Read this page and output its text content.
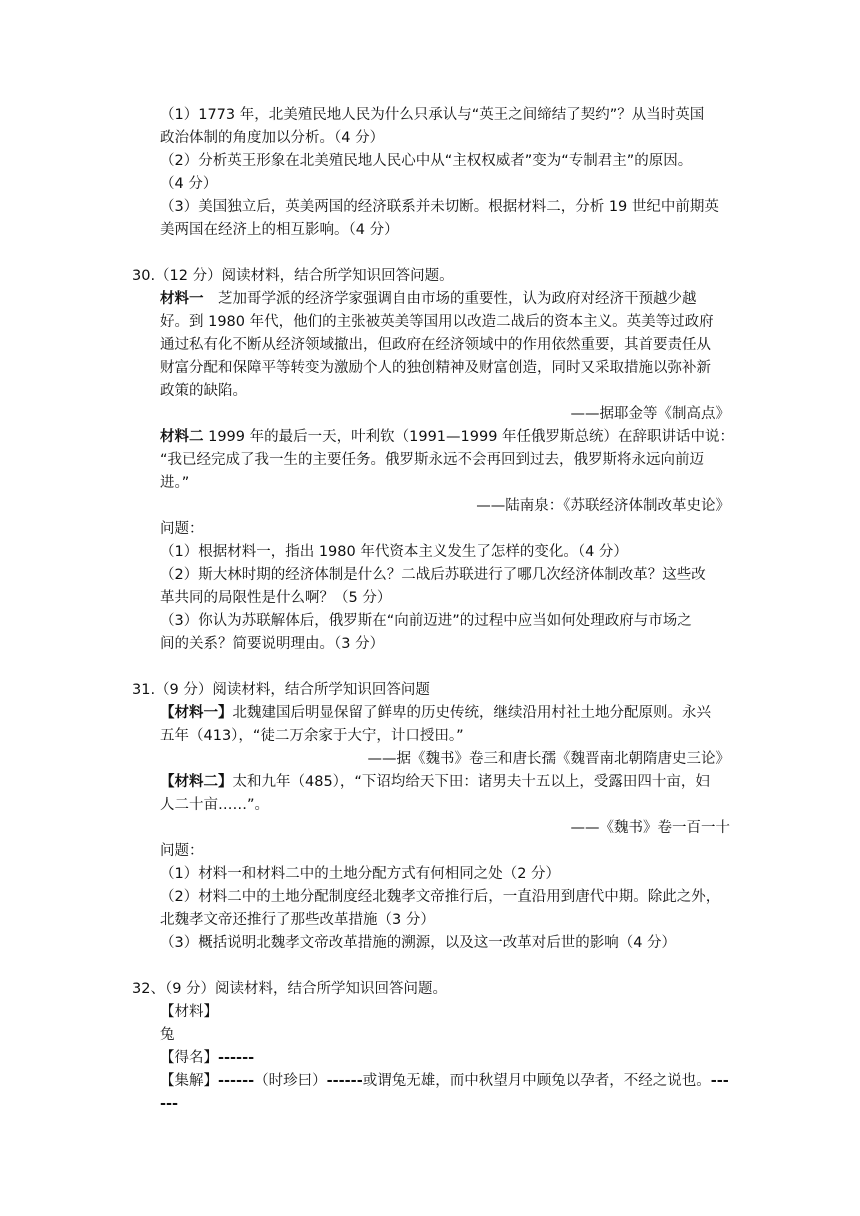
（1）1773 年，北美殖民地人民为什么只承认与“英王之间缔结了契约”？从当时英国
政治体制的角度加以分析。（4 分）
（2）分析英王形象在北美殖民地人民心中从“主权权威者”变为“专制君主”的原因。
（4 分）
（3）美国独立后，英美两国的经济联系并未切断。根据材料二，分析 19 世纪中前期英
美两国在经济上的相互影响。（4 分）
30.（12 分）阅读材料，结合所学知识回答问题。
材料一　芝加哥学派的经济学家强调自由市场的重要性，认为政府对经济干预越少越
好。到 1980 年代，他们的主张被英美等国用以改造二战后的资本主义。英美等过政府
通过私有化不断从经济领域撤出，但政府在经济领域中的作用依然重要，其首要责任从
财富分配和保障平等转变为激励个人的独创精神及财富创造，同时又采取措施以弥补新
政策的缺陷。
——据耶金等《制高点》
材料二 1999 年的最后一天，叶利钦（1991—1999 年任俄罗斯总统）在辞职讲话中说：
“我已经完成了我一生的主要任务。俄罗斯永远不会再回到过去，俄罗斯将永远向前迈
进。”
——陆南泉：《苏联经济体制改革史论》
问题：
（1）根据材料一，指出 1980 年代资本主义发生了怎样的变化。（4 分）
（2）斯大林时期的经济体制是什么？二战后苏联进行了哪几次经济体制改革？这些改
革共同的局限性是什么啊？（5 分）
（3）你认为苏联解体后，俄罗斯在“向前迈进”的过程中应当如何处理政府与市场之
间的关系？简要说明理由。（3 分）
31.（9 分）阅读材料，结合所学知识回答问题
【材料一】北魏建国后明显保留了鲜卑的历史传统，继续沿用村社土地分配原则。永兴
五年（413），“徒二万余家于大宁，计口授田。”
——据《魏书》卷三和唐长孺《魏晋南北朝隋唐史三论》
【材料二】太和九年（485），“下诏均给天下田：诸男夫十五以上，受露田四十亩，妇
人二十亩……”。
——《魏书》卷一百一十
问题：
（1）材料一和材料二中的土地分配方式有何相同之处（2 分）
（2）材料二中的土地分配制度经北魏孝文帝推行后，一直沿用到唐代中期。除此之外，
北魏孝文帝还推行了那些改革措施（3 分）
（3）概括说明北魏孝文帝改革措施的溯源，以及这一改革对后世的影响（4 分）
32、（9 分）阅读材料，结合所学知识回答问题。
【材料】
兔
【得名】------
【集解】------（时珍曰）------或谓兔无雄，而中秋望月中顾兔以孕者，不经之说也。---
---
